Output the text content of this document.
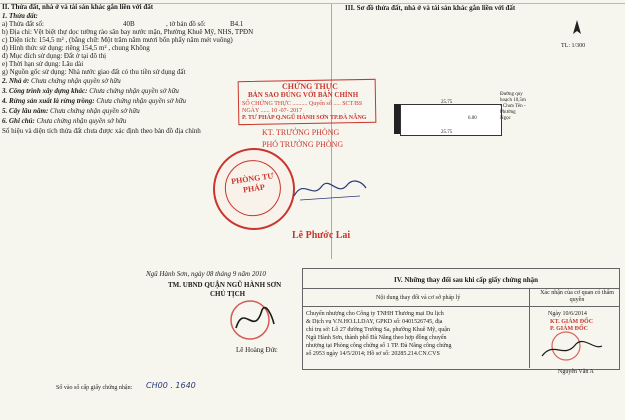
II. Thửa đất, nhà ở và tài sản khác gắn liền với đất
1. Thửa đất:
a) Thửa đất số:	40B	, tờ bản đồ số:	B4.1
b) Địa chỉ: Vệt biệt thự dọc tường rào sân bay nước mặn, Phường Khuê Mỹ, NHS, TPĐN
c) Diện tích: 154,5 m² , (bằng chữ: Một trăm năm mươi bốn phẩy năm mét vuông)
d) Hình thức sử dụng: riêng 154,5 m² , chung Không
đ) Mục đích sử dụng: Đất ở tại đô thị
e) Thời hạn sử dụng: Lâu dài
g) Nguồn gốc sử dụng: Nhà nước giao đất có thu tiền sử dụng đất
2. Nhà ở: Chưa chứng nhận quyền sở hữu
3. Công trình xây dựng khác: Chưa chứng nhận quyền sở hữu
4. Rừng sản xuất là rừng trồng: Chưa chứng nhận quyền sở hữu
5. Cây lâu năm: Chưa chứng nhận quyền sở hữu
6. Ghi chú: Chưa chứng nhận quyền sở hữu
Số hiệu và diện tích thửa đất chưa được xác định theo bản đồ địa chính
III. Sơ đồ thửa đất, nhà ở và tài sản khác gắn liền với đất
TL: 1/300
25.75
25.75
6.00
Đường quy hoạch 10,5m - Chưa Tên - Phường Ngọc
CHỨNG THỰC
BẢN SAO ĐÚNG VỚI BẢN CHÍNH
SỐ CHỨNG THỰC .......... Quyển số ..... SCT/BS
NGÀY ...... 10 -07- 2017
P. TƯ PHÁP Q.NGŨ HÀNH SƠN TP.ĐÀ NẴNG
KT. TRƯỞNG PHÒNG
PHÓ TRƯỞNG PHÒNG
PHÒNG TƯ PHÁP
Lê Phước Lai
Ngũ Hành Sơn, ngày 08 tháng 9 năm 2010
TM. UBND QUẬN NGŨ HÀNH SƠN
CHỦ TỊCH
Lê Hoàng Đức
Số vào sổ cấp giấy chứng nhận: CH00 . 1640
IV. Những thay đổi sau khi cấp giấy chứng nhận
Nội dung thay đổi và cơ sở pháp lý
Xác nhận của cơ quan có thẩm quyền
Chuyển nhượng cho Công ty TNHH Thương mại Du lịch
& Dịch vụ V.N.HO.LLDAY, GPKD số: 0401526745, địa
chỉ trụ sở: Lô 27 đường Trường Sa, phường Khuê Mỹ, quận
Ngũ Hành Sơn, thành phố Đà Nẵng theo hợp đồng chuyển
nhượng tại Phòng công chứng số 1 TP. Đà Nẵng công chứng
số 2953 ngày 14/5/2014; Hồ sơ số: 20285.214.CN.CVS
Ngày 10/6/2014
KT. GIÁM ĐỐC
P. GIÁM ĐỐC
Nguyễn Văn A
